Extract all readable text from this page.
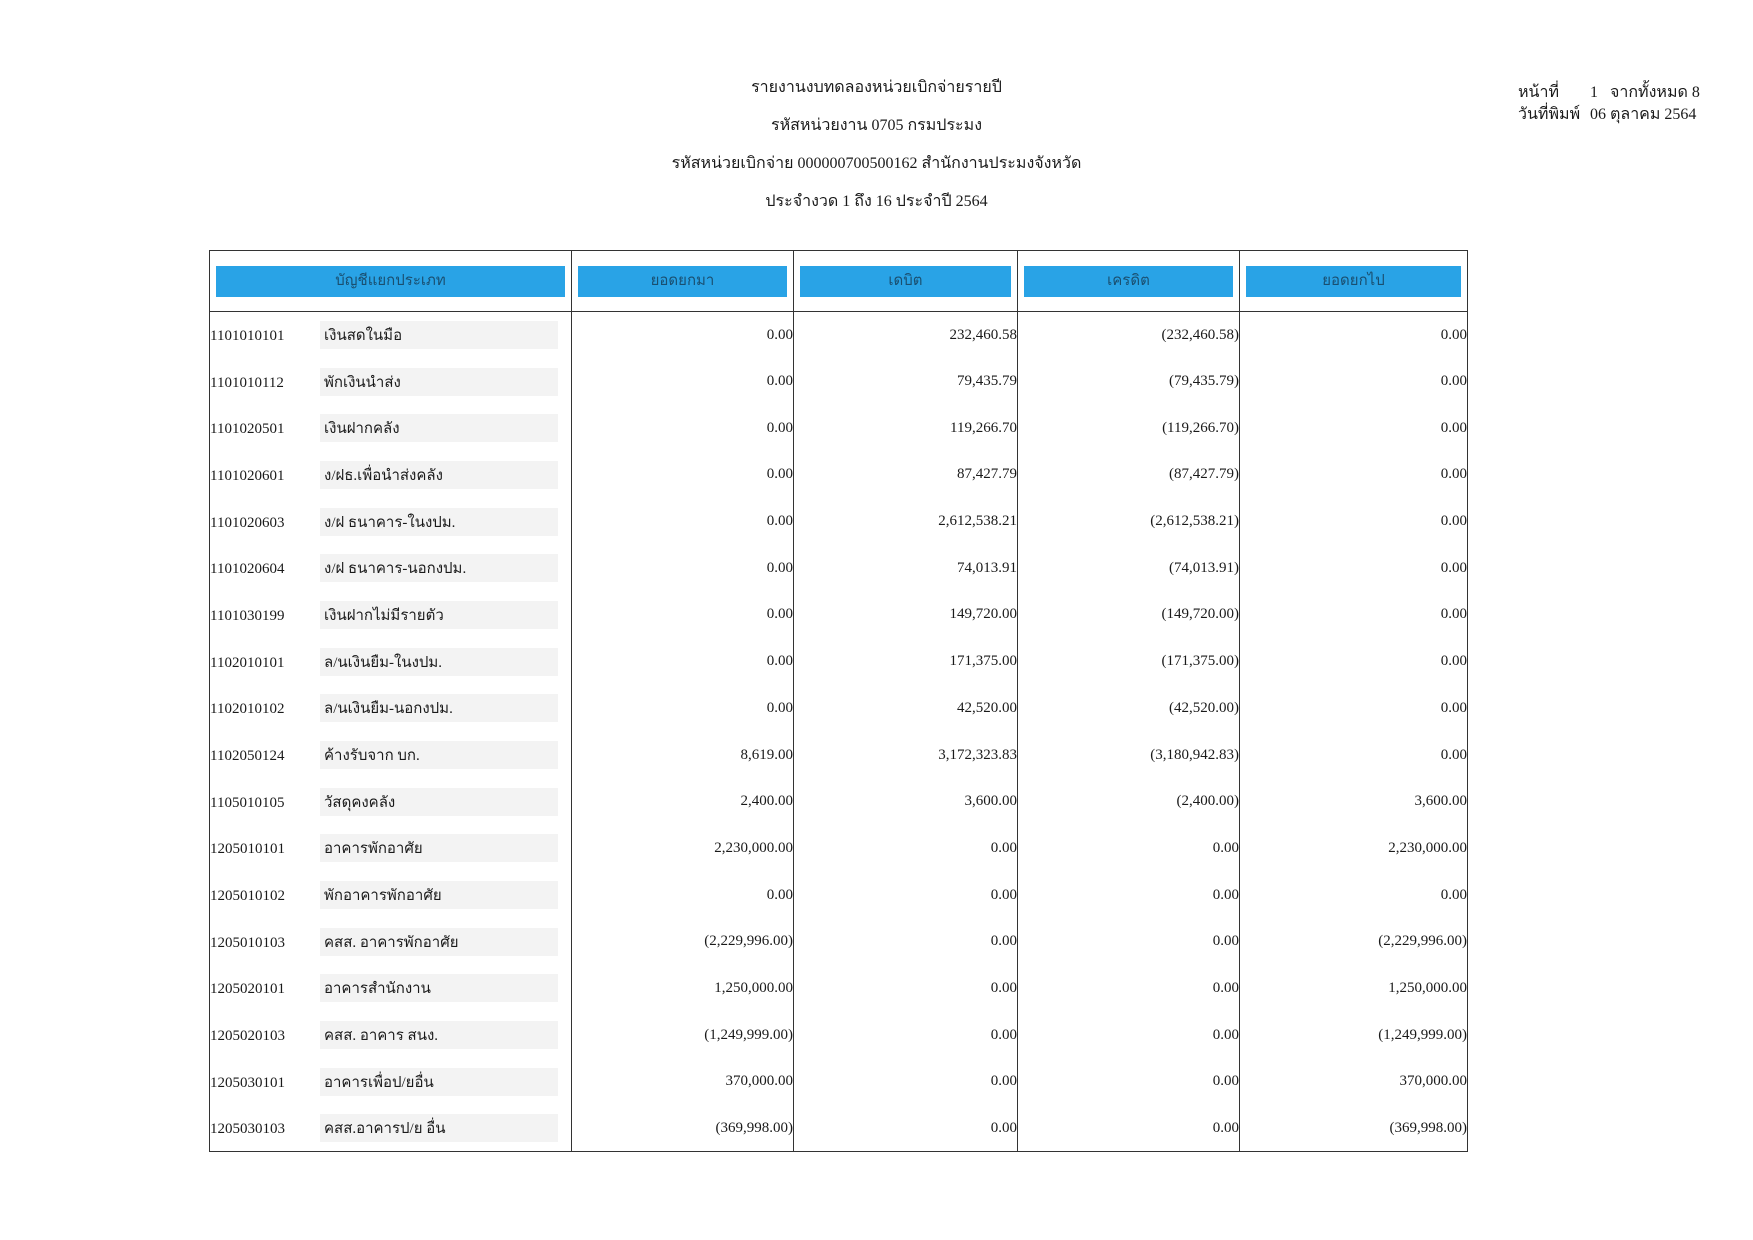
รายงานงบทดลองหน่วยเบิกจ่ายรายปี
รหัสหน่วยงาน 0705 กรมประมง
รหัสหน่วยเบิกจ่าย 000000700500162 สำนักงานประมงจังหวัด
ประจำงวด 1 ถึง 16 ประจำปี 2564
หน้าที่ 1   จากทั้งหมด 8
วันที่พิมพ์ 06 ตุลาคม 2564
บัญชีแยกประเภท	ยอดยกมา	เดบิต	เครดิต	ยอดยกไป

1101010101 เงินสดในมือ	0.00	232,460.58	(232,460.58)	0.00
1101010112 พักเงินนำส่ง	0.00	79,435.79	(79,435.79)	0.00
1101020501 เงินฝากคลัง	0.00	119,266.70	(119,266.70)	0.00
1101020601 ง/ฝธ.เพื่อนำส่งคลัง	0.00	87,427.79	(87,427.79)	0.00
1101020603 ง/ฝ ธนาคาร-ในงปม.	0.00	2,612,538.21	(2,612,538.21)	0.00
1101020604 ง/ฝ ธนาคาร-นอกงปม.	0.00	74,013.91	(74,013.91)	0.00
1101030199 เงินฝากไม่มีรายตัว	0.00	149,720.00	(149,720.00)	0.00
1102010101 ล/นเงินยืม-ในงปม.	0.00	171,375.00	(171,375.00)	0.00
1102010102 ล/นเงินยืม-นอกงปม.	0.00	42,520.00	(42,520.00)	0.00
1102050124 ค้างรับจาก บก.	8,619.00	3,172,323.83	(3,180,942.83)	0.00
1105010105 วัสดุคงคลัง	2,400.00	3,600.00	(2,400.00)	3,600.00
1205010101 อาคารพักอาศัย	2,230,000.00	0.00	0.00	2,230,000.00
1205010102 พักอาคารพักอาศัย	0.00	0.00	0.00	0.00
1205010103 คสส. อาคารพักอาศัย	(2,229,996.00)	0.00	0.00	(2,229,996.00)
1205020101 อาคารสำนักงาน	1,250,000.00	0.00	0.00	1,250,000.00
1205020103 คสส. อาคาร สนง.	(1,249,999.00)	0.00	0.00	(1,249,999.00)
1205030101 อาคารเพื่อป/ยอื่น	370,000.00	0.00	0.00	370,000.00
1205030103 คสส.อาคารป/ย อื่น	(369,998.00)	0.00	0.00	(369,998.00)
